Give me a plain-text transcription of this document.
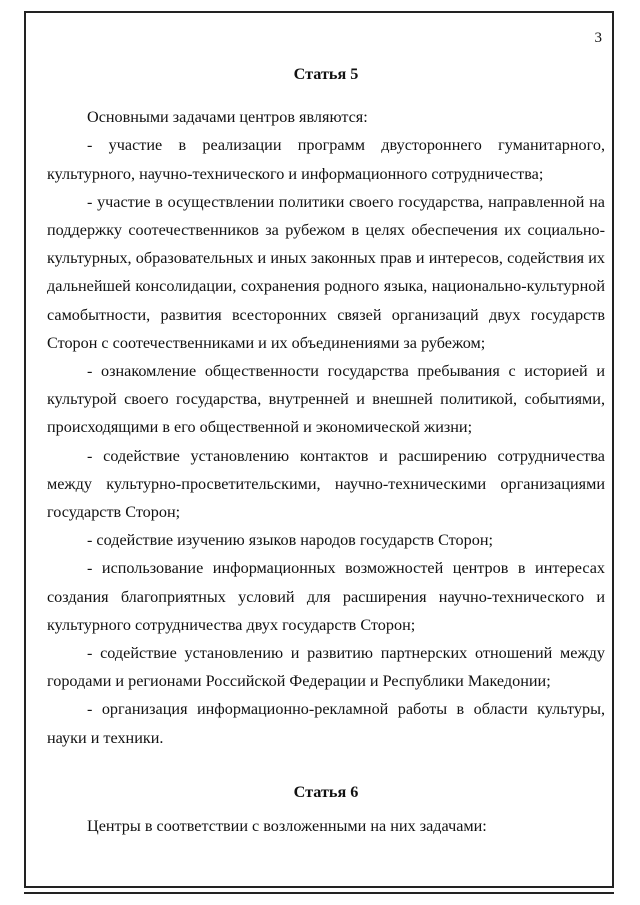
3

Статья 5

Основными задачами центров являются:

- участие в реализации программ двустороннего гуманитарного, культурного, научно-технического и информационного сотрудничества;

- участие в осуществлении политики своего государства, направленной на поддержку соотечественников за рубежом в целях обеспечения их социально-культурных, образовательных и иных законных прав и интересов, содействия их дальнейшей консолидации, сохранения родного языка, национально-культурной самобытности, развития всесторонних связей организаций двух государств Сторон с соотечественниками и их объединениями за рубежом;

- ознакомление общественности государства пребывания с историей и культурой своего государства, внутренней и внешней политикой, событиями, происходящими в его общественной и экономической жизни;

- содействие установлению контактов и расширению сотрудничества между культурно-просветительскими, научно-техническими организациями государств Сторон;

- содействие изучению языков народов государств Сторон;

- использование информационных возможностей центров в интересах создания благоприятных условий для расширения научно-технического и культурного сотрудничества двух государств Сторон;

- содействие установлению и развитию партнерских отношений между городами и регионами Российской Федерации и Республики Македонии;

- организация информационно-рекламной работы в области культуры, науки и техники.

Статья 6

Центры в соответствии с возложенными на них задачами:
